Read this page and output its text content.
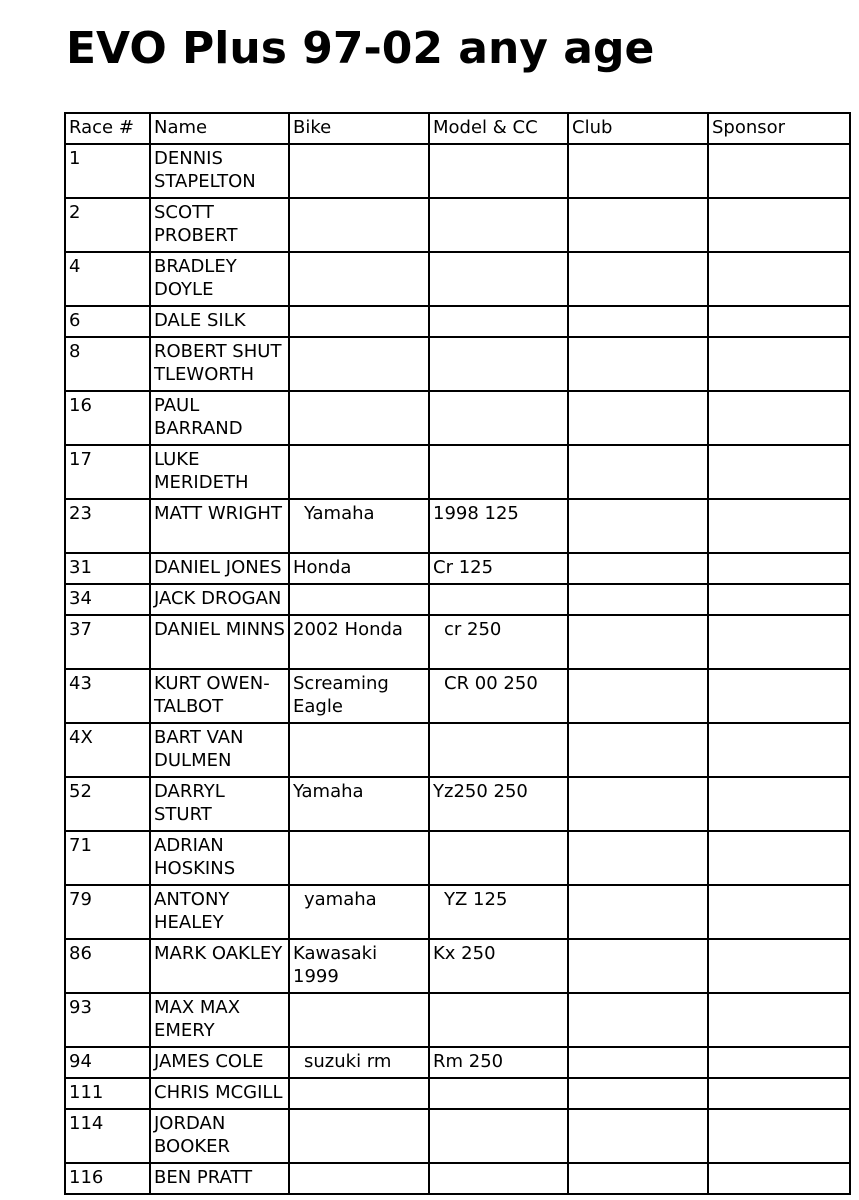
EVO Plus 97-02 any age
Race #	Name	Bike	Model & CC	Club	Sponsor
1	DENNIS STAPELTON				
2	SCOTT PROBERT				
4	BRADLEY DOYLE				
6	DALE SILK				
8	ROBERT SHUT TLEWORTH				
16	PAUL BARRAND				
17	LUKE MERIDETH				
23	MATT WRIGHT	Yamaha	1998 125		
31	DANIEL JONES	Honda	Cr 125		
34	JACK DROGAN				
37	DANIEL MINNS	2002 Honda	cr 250		
43	KURT OWEN-TALBOT	Screaming Eagle	CR 00 250		
4X	BART VAN DULMEN				
52	DARRYL STURT	Yamaha	Yz250 250		
71	ADRIAN HOSKINS				
79	ANTONY HEALEY	yamaha	YZ 125		
86	MARK OAKLEY	Kawasaki 1999	Kx 250		
93	MAX MAX EMERY				
94	JAMES COLE	suzuki rm	Rm 250		
111	CHRIS MCGILL				
114	JORDAN BOOKER				
116	BEN PRATT				
